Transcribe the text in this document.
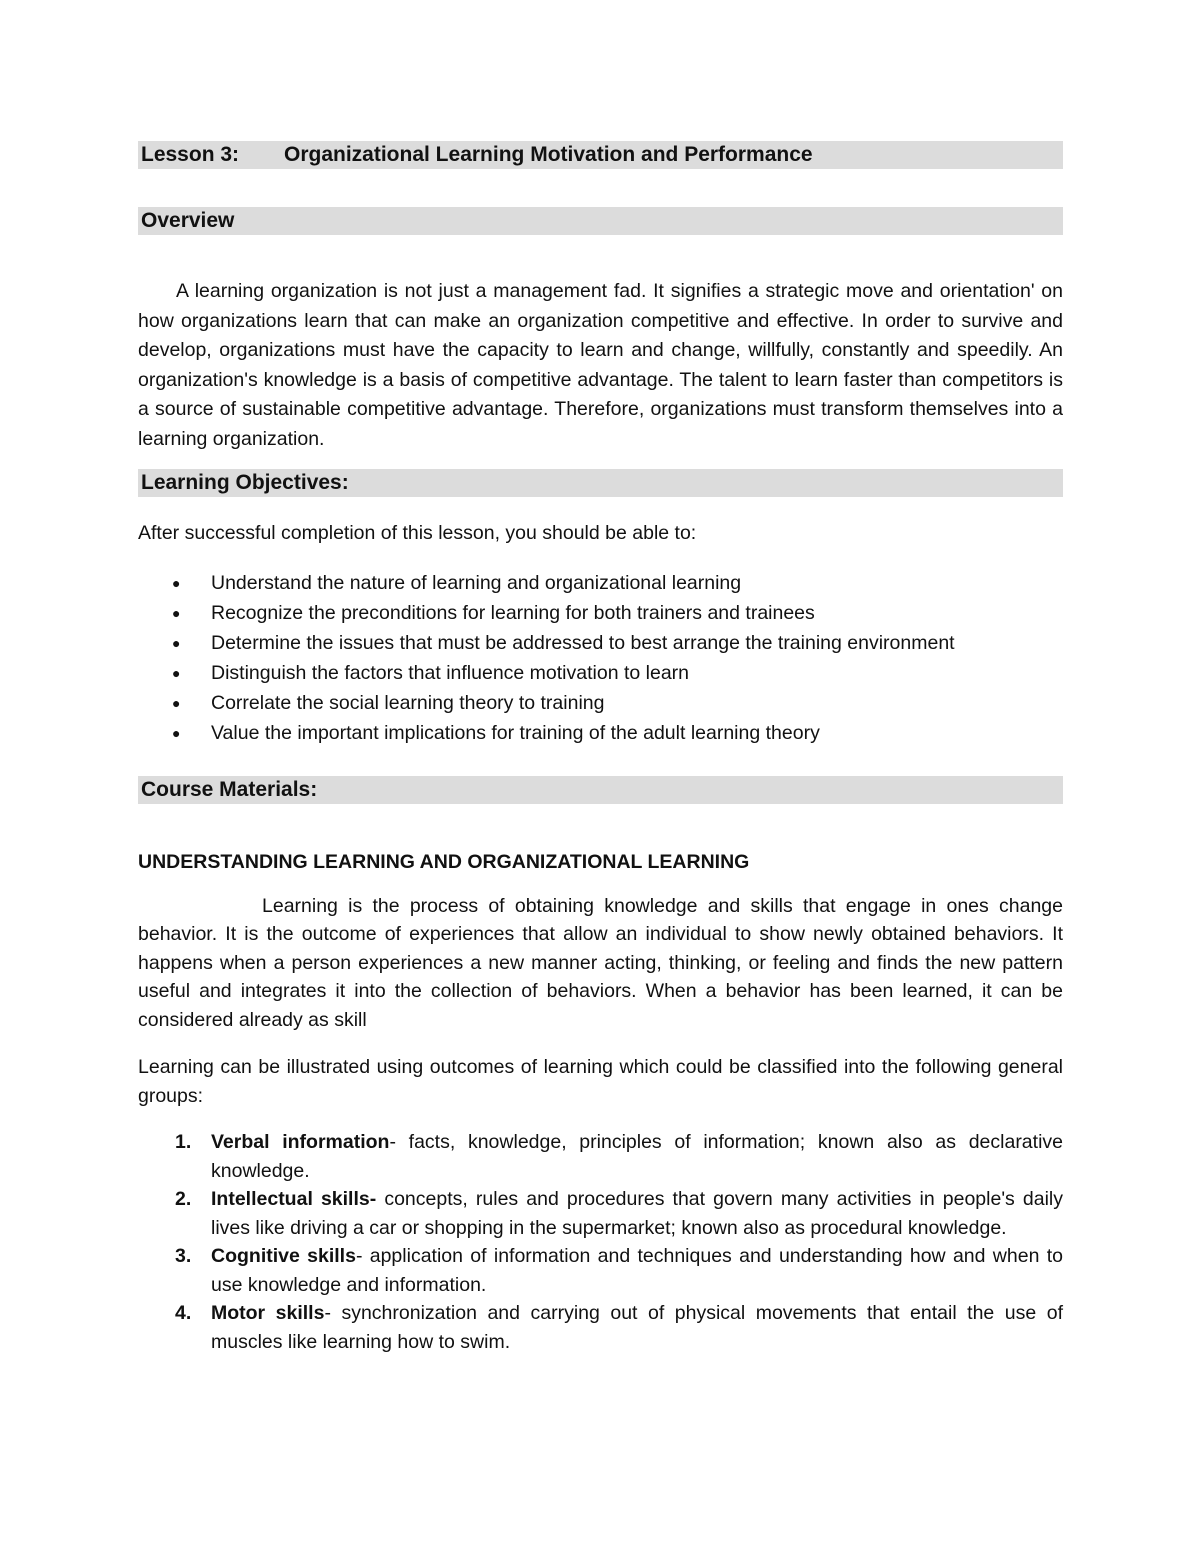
Lesson 3:	Organizational Learning Motivation and Performance
Overview

A learning organization is not just a management fad. It signifies a strategic move and orientation' on how organizations learn that can make an organization competitive and effective. In order to survive and develop, organizations must have the capacity to learn and change, willfully, constantly and speedily. An organization's knowledge is a basis of competitive advantage. The talent to learn faster than competitors is a source of sustainable competitive advantage. Therefore, organizations must transform themselves into a learning organization.

Learning Objectives:

After successful completion of this lesson, you should be able to:

● Understand the nature of learning and organizational learning
● Recognize the preconditions for learning for both trainers and trainees
● Determine the issues that must be addressed to best arrange the training environment
● Distinguish the factors that influence motivation to learn
● Correlate the social learning theory to training
● Value the important implications for training of the adult learning theory
Course Materials:
UNDERSTANDING LEARNING AND ORGANIZATIONAL LEARNING

Learning is the process of obtaining knowledge and skills that engage in ones change behavior. It is the outcome of experiences that allow an individual to show newly obtained behaviors. It happens when a person experiences a new manner acting, thinking, or feeling and finds the new pattern useful and integrates it into the collection of behaviors. When a behavior has been learned, it can be considered already as skill

Learning can be illustrated using outcomes of learning which could be classified into the following general groups:

1. Verbal information- facts, knowledge, principles of information; known also as declarative knowledge.
2. Intellectual skills- concepts, rules and procedures that govern many activities in people's daily lives like driving a car or shopping in the supermarket; known also as procedural knowledge.
3. Cognitive skills- application of information and techniques and understanding how and when to use knowledge and information.
4. Motor skills- synchronization and carrying out of physical movements that entail the use of muscles like learning how to swim.
